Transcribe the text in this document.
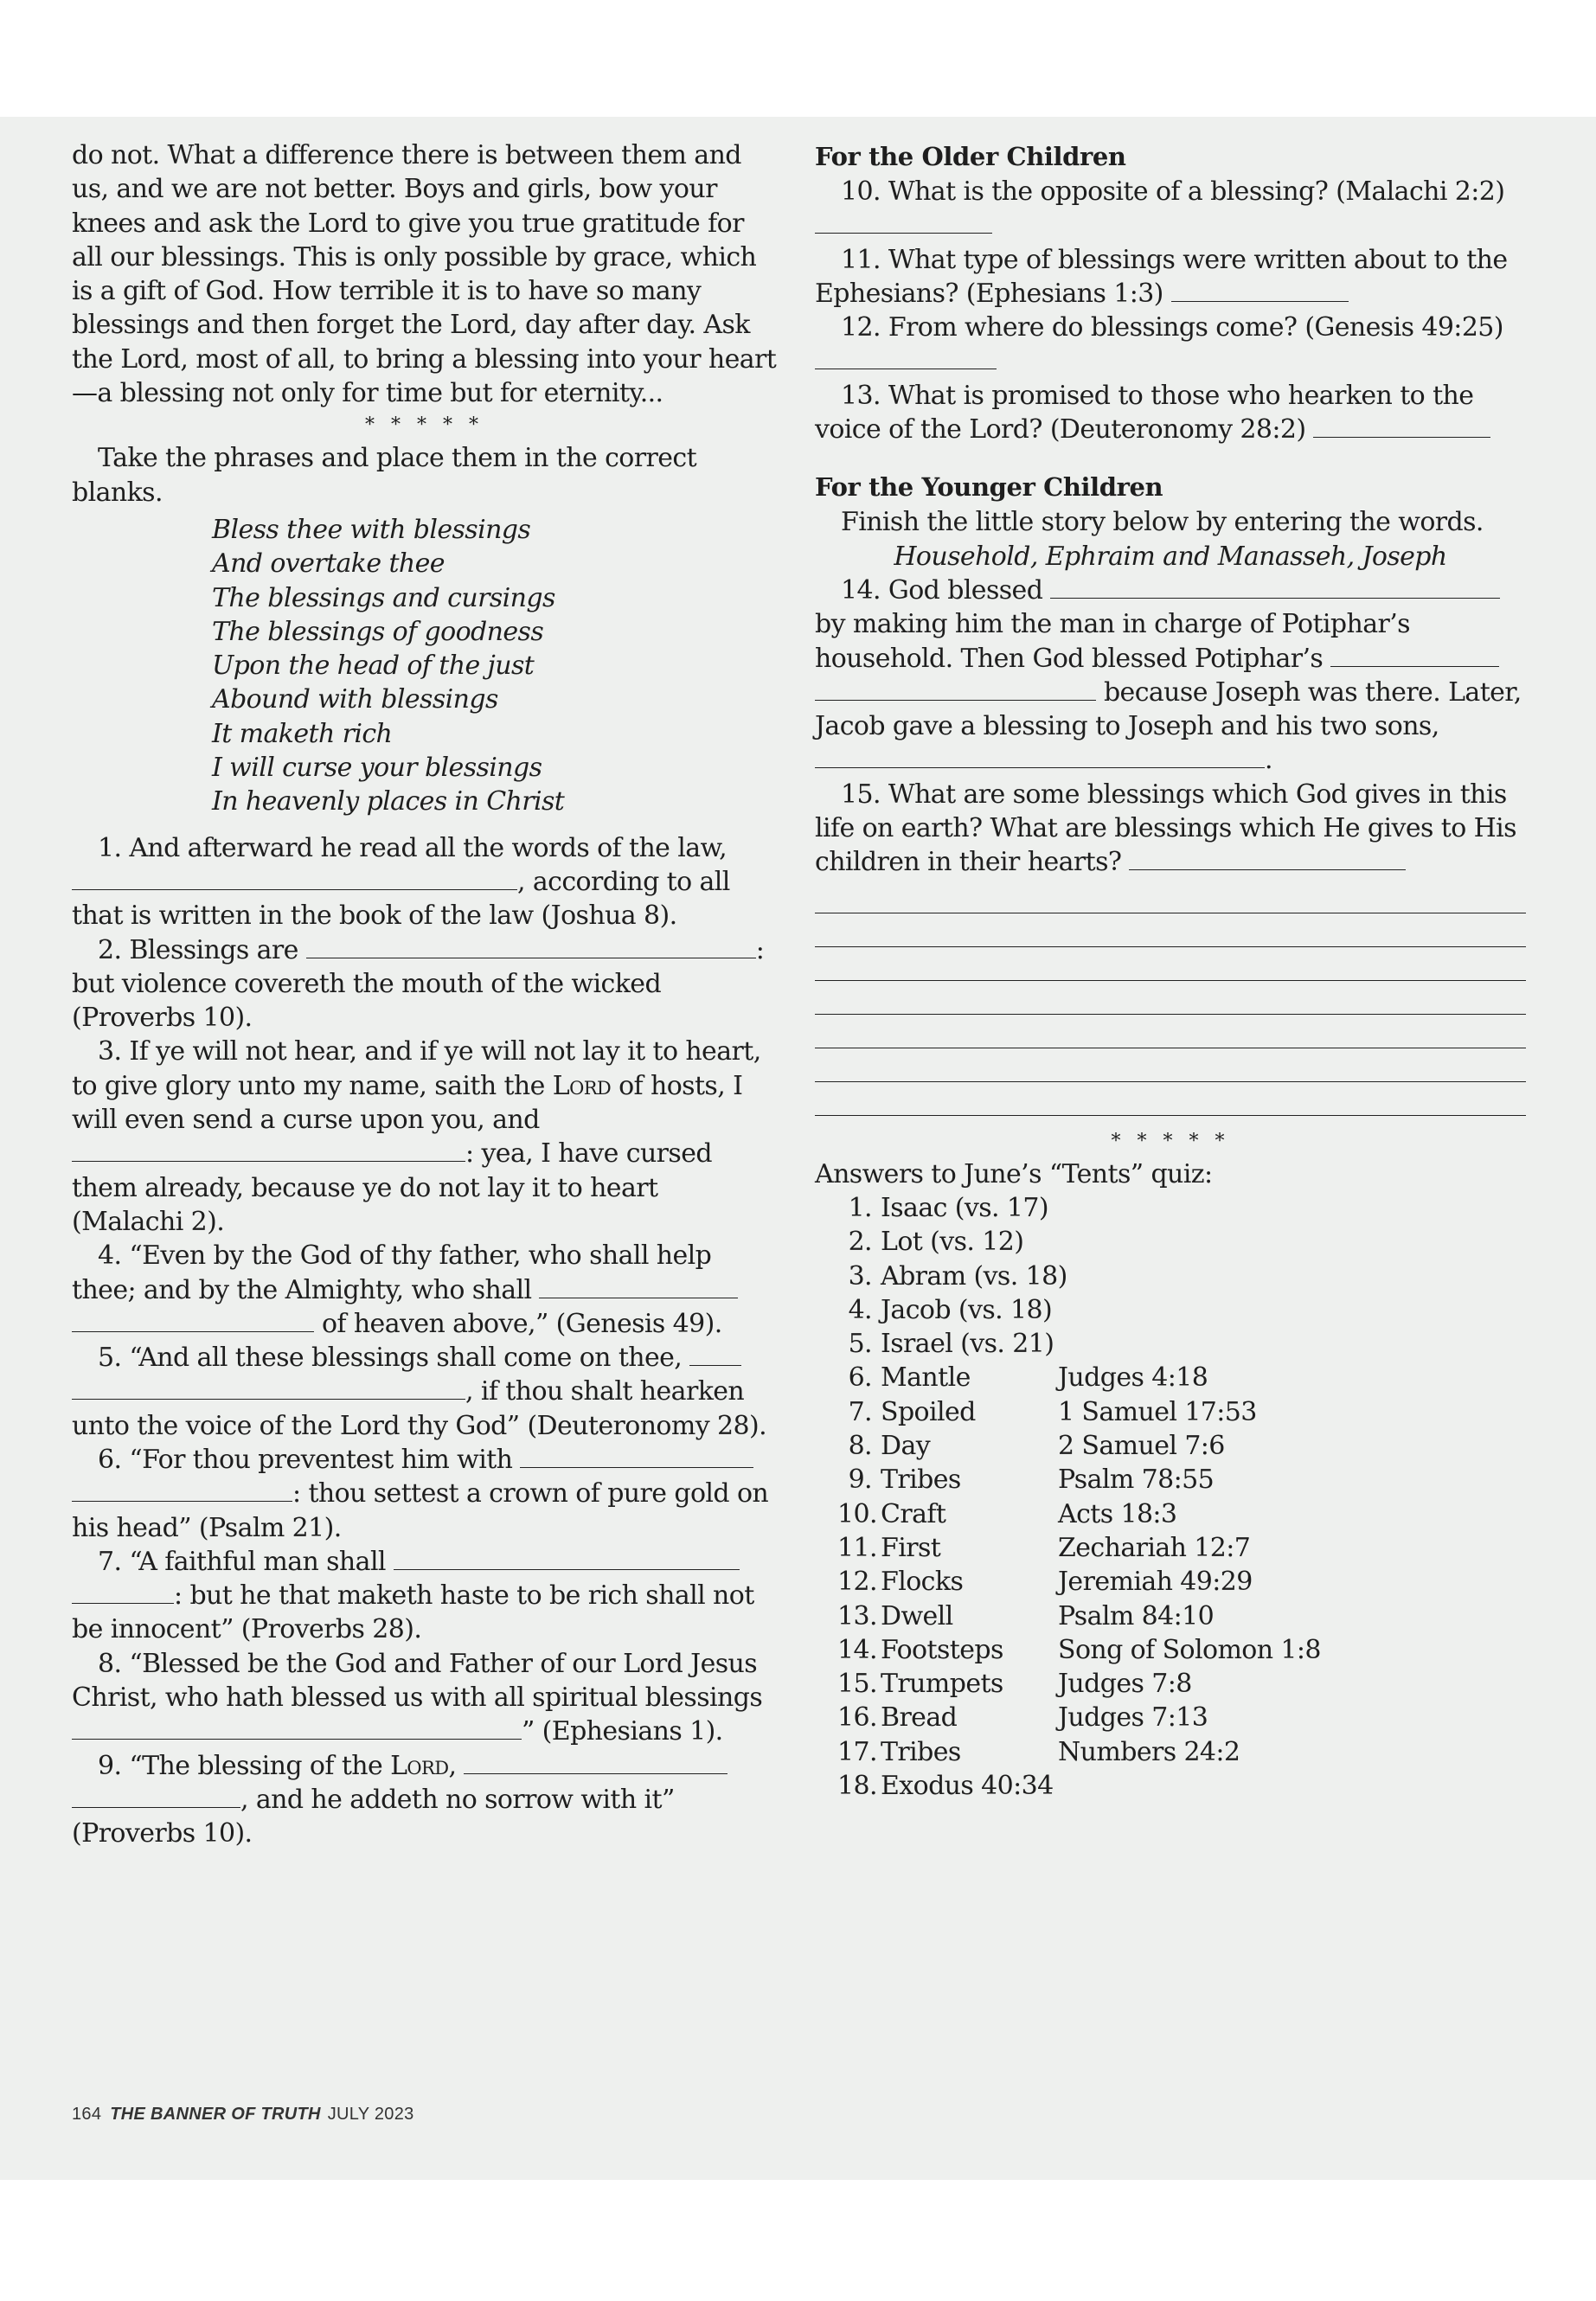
do not. What a difference there is between them and us, and we are not better. Boys and girls, bow your knees and ask the Lord to give you true gratitude for all our blessings. This is only possible by grace, which is a gift of God. How terrible it is to have so many blessings and then forget the Lord, day after day. Ask the Lord, most of all, to bring a blessing into your heart—a blessing not only for time but for eternity...

* * * * *

Take the phrases and place them in the correct blanks.

Bless thee with blessings
And overtake thee
The blessings and cursings
The blessings of goodness
Upon the head of the just
Abound with blessings
It maketh rich
I will curse your blessings
In heavenly places in Christ

1. And afterward he read all the words of the law, , according to all that is written in the book of the law (Joshua 8).

2. Blessings are	: but violence covereth the mouth of the wicked (Proverbs 10).

3. If ye will not hear, and if ye will not lay it to heart, to give glory unto my name, saith the Lord of hosts, I will even send a curse upon you, and : yea, I have cursed them already, because ye do not lay it to heart (Malachi 2).

4. “Even by the God of thy father, who shall help thee; and by the Almighty, who shall   of heaven above,” (Genesis 49).

5. “And all these blessings shall come on thee,  , if thou shalt hearken unto the voice of the Lord thy God” (Deuteronomy 28).

6. “For thou preventest him with  : thou settest a crown of pure gold on his head” (Psalm 21).

7. “A faithful man shall  : but he that maketh haste to be rich shall not be innocent” (Proverbs 28).

8. “Blessed be the God and Father of our Lord Jesus Christ, who hath blessed us with all spiritual blessings ” (Ephesians 1).

9. “The blessing of the Lord,  , and he addeth no sorrow with it” (Proverbs 10).

For the Older Children

10. What is the opposite of a blessing? (Malachi 2:2)

11. What type of blessings were written about to the Ephesians? (Ephesians 1:3)

12. From where do blessings come? (Genesis 49:25)

13. What is promised to those who hearken to the voice of the Lord? (Deuteronomy 28:2)

For the Younger Children

Finish the little story below by entering the words.

Household, Ephraim and Manasseh, Joseph

14. God blessed  by making him the man in charge of Potiphar’s household. Then God blessed Potiphar’s   because Joseph was there. Later, Jacob gave a blessing to Joseph and his two sons, .

15. What are some blessings which God gives in this life on earth? What are blessings which He gives to His children in their hearts?

* * * * *

Answers to June’s “Tents” quiz:

1. Isaac (vs. 17)
2. Lot (vs. 12)
3. Abram (vs. 18)
4. Jacob (vs. 18)
5. Israel (vs. 21)
6. Mantle	Judges 4:18
7. Spoiled	1 Samuel 17:53
8. Day	2 Samuel 7:6
9. Tribes	Psalm 78:55
10. Craft	Acts 18:3
11. First	Zechariah 12:7
12. Flocks	Jeremiah 49:29
13. Dwell	Psalm 84:10
14. Footsteps	Song of Solomon 1:8
15. Trumpets	Judges 7:8
16. Bread	Judges 7:13
17. Tribes	Numbers 24:2
18. Exodus 40:34
164 THE BANNER OF TRUTH JULY 2023
